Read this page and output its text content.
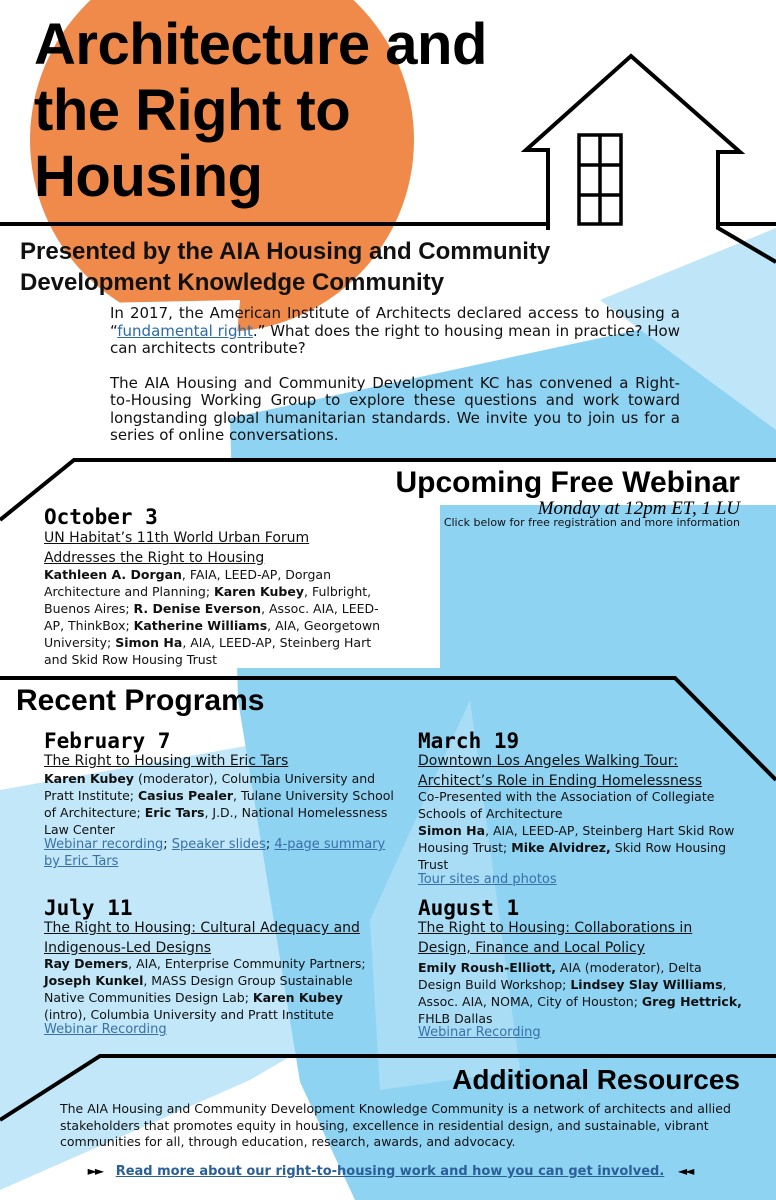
Architecture and
the Right to
Housing
Presented by the AIA Housing and Community
Development Knowledge Community

In 2017, the American Institute of Architects declared access to housing a “fundamental right.” What does the right to housing mean in practice? How can architects contribute?

The AIA Housing and Community Development KC has convened a Right-to-Housing Working Group to explore these questions and work toward longstanding global humanitarian standards. We invite you to join us for a series of online conversations.

Upcoming Free Webinar
Monday at 12pm ET, 1 LU
Click below for free registration and more information
October 3
UN Habitat’s 11th World Urban Forum
Addresses the Right to Housing
Kathleen A. Dorgan, FAIA, LEED-AP, Dorgan Architecture and Planning; Karen Kubey, Fulbright, Buenos Aires; R. Denise Everson, Assoc. AIA, LEED-AP, ThinkBox; Katherine Williams, AIA, Georgetown University; Simon Ha, AIA, LEED-AP, Steinberg Hart and Skid Row Housing Trust
Recent Programs
February 7
The Right to Housing with Eric Tars
Karen Kubey (moderator), Columbia University and Pratt Institute; Casius Pealer, Tulane University School of Architecture; Eric Tars, J.D., National Homelessness Law Center
Webinar recording; Speaker slides; 4-page summary by Eric Tars
March 19
Downtown Los Angeles Walking Tour:
Architect’s Role in Ending Homelessness
Co-Presented with the Association of Collegiate Schools of Architecture
Simon Ha, AIA, LEED-AP, Steinberg Hart Skid Row Housing Trust; Mike Alvidrez, Skid Row Housing Trust
Tour sites and photos
July 11
The Right to Housing: Cultural Adequacy and
Indigenous-Led Designs
Ray Demers, AIA, Enterprise Community Partners; Joseph Kunkel, MASS Design Group Sustainable Native Communities Design Lab; Karen Kubey (intro), Columbia University and Pratt Institute
Webinar Recording
August 1
The Right to Housing: Collaborations in
Design, Finance and Local Policy
Emily Roush-Elliott, AIA (moderator), Delta Design Build Workshop; Lindsey Slay Williams, Assoc. AIA, NOMA, City of Houston; Greg Hettrick, FHLB Dallas
Webinar Recording
Additional Resources
The AIA Housing and Community Development Knowledge Community is a network of architects and allied stakeholders that promotes equity in housing, excellence in residential design, and sustainable, vibrant communities for all, through education, research, awards, and advocacy.
►► Read more about our right-to-housing work and how you can get involved. ◄◄
